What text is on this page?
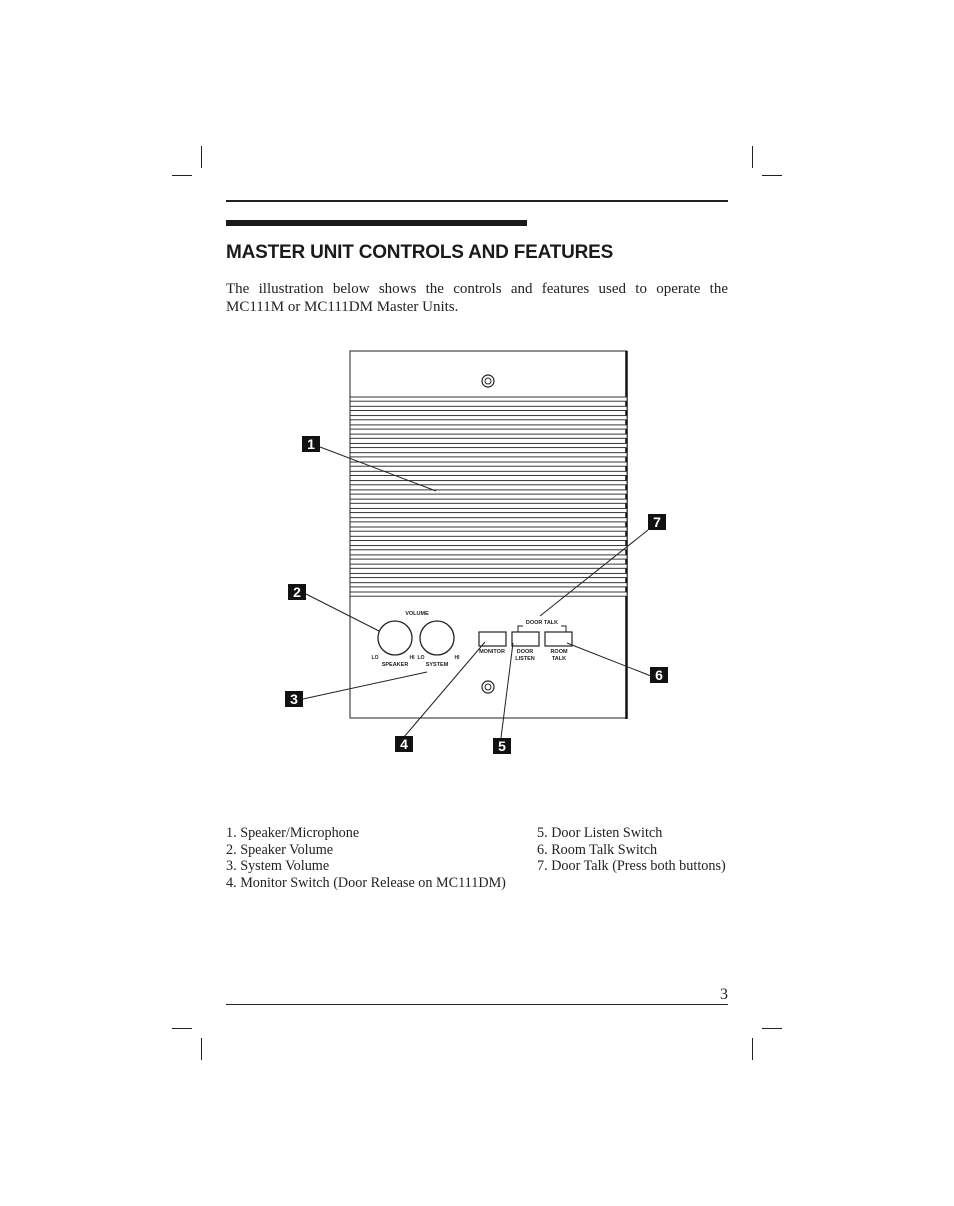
MASTER UNIT CONTROLS AND FEATURES

The illustration below shows the controls and features used to operate the MC111M or MC111DM Master Units.

VOLUME
LO	HI LO	HI
SPEAKER	SYSTEM
DOOR TALK
MONITOR DOOR
LISTEN
ROOM
TALK
1
2
3
4	5
6
7
1. Speaker/Microphone
2. Speaker Volume
3. System Volume
4. Monitor Switch (Door Release on MC111DM)
5. Door Listen Switch
6. Room Talk Switch
7. Door Talk (Press both buttons)
3
